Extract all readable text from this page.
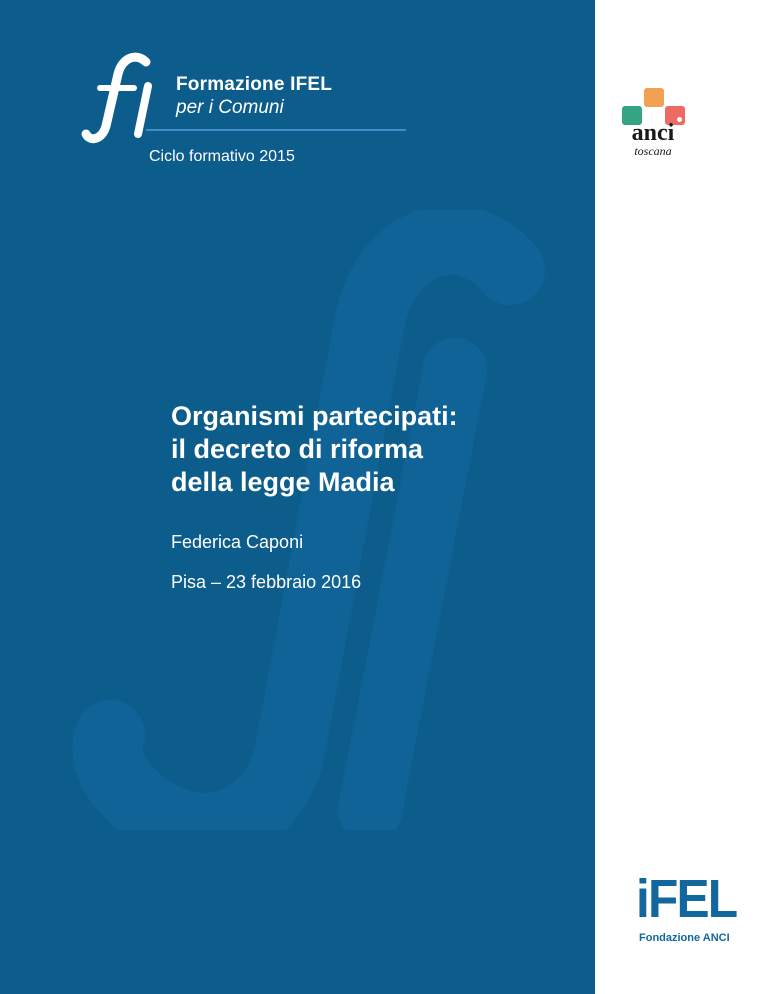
Formazione IFEL

per i Comuni

Ciclo formativo 2015

Organismi partecipati:
il decreto di riforma
della legge Madia

Federica Caponi

Pisa – 23 febbraio 2016

anci

toscana

iFEL

Fondazione ANCI
